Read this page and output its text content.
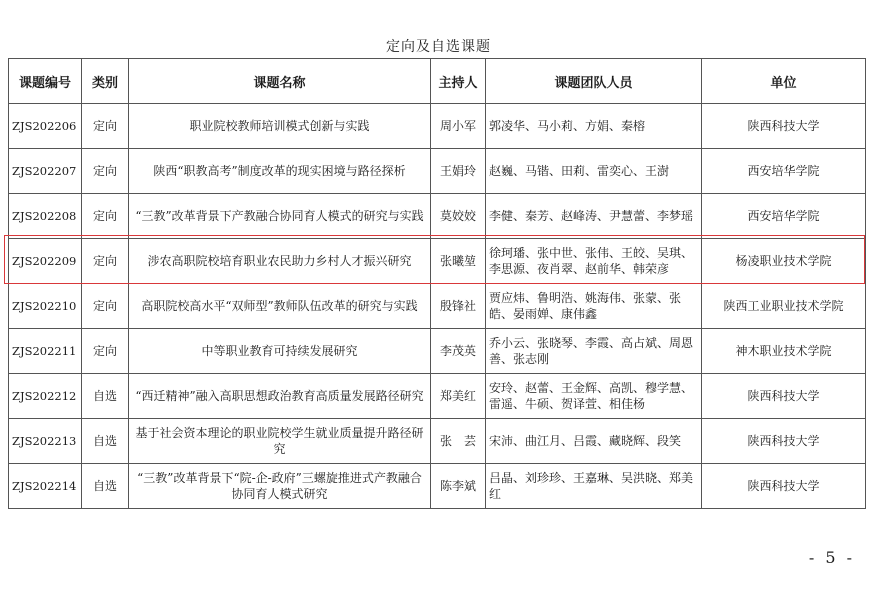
定向及自选课题
课题编号	类别	课题名称	主持人	课题团队人员	单位
ZJS202206	定向	职业院校教师培训模式创新与实践	周小军	郭凌华、马小莉、方娟、秦榕	陕西科技大学
ZJS202207	定向	陕西“职教高考”制度改革的现实困境与路径探析	王娟玲	赵巍、马锴、田莉、雷奕心、王澍	西安培华学院
ZJS202208	定向	“三教”改革背景下产教融合协同育人模式的研究与实践	莫姣姣	李健、秦芳、赵峰涛、尹慧蕾、李梦瑶	西安培华学院
ZJS202209	定向	涉农高职院校培育职业农民助力乡村人才振兴研究	张曦堃	徐珂璠、张中世、张伟、王皎、吴琪、李思源、夜肖翠、赵前华、韩荣彦	杨凌职业技术学院
ZJS202210	定向	高职院校高水平“双师型”教师队伍改革的研究与实践	殷锋社	贾应炜、鲁明浩、姚海伟、张蒙、张皓、晏雨婵、康伟鑫	陕西工业职业技术学院
ZJS202211	定向	中等职业教育可持续发展研究	李茂英	乔小云、张晓琴、李霞、高占斌、周恩善、张志刚	神木职业技术学院
ZJS202212	自选	“西迁精神”融入高职思想政治教育高质量发展路径研究	郑美红	安玲、赵蕾、王金辉、高凯、穆学慧、雷遥、牛硕、贺译萱、相佳杨	陕西科技大学
ZJS202213	自选	基于社会资本理论的职业院校学生就业质量提升路径研究	张　芸	宋沛、曲江月、吕霞、藏晓辉、段笑	陕西科技大学
ZJS202214	自选	“三教”改革背景下“院-企-政府”三螺旋推进式产教融合协同育人模式研究	陈李斌	吕晶、刘珍珍、王嘉琳、吴洪晓、郑美红	陕西科技大学
- 5 -
